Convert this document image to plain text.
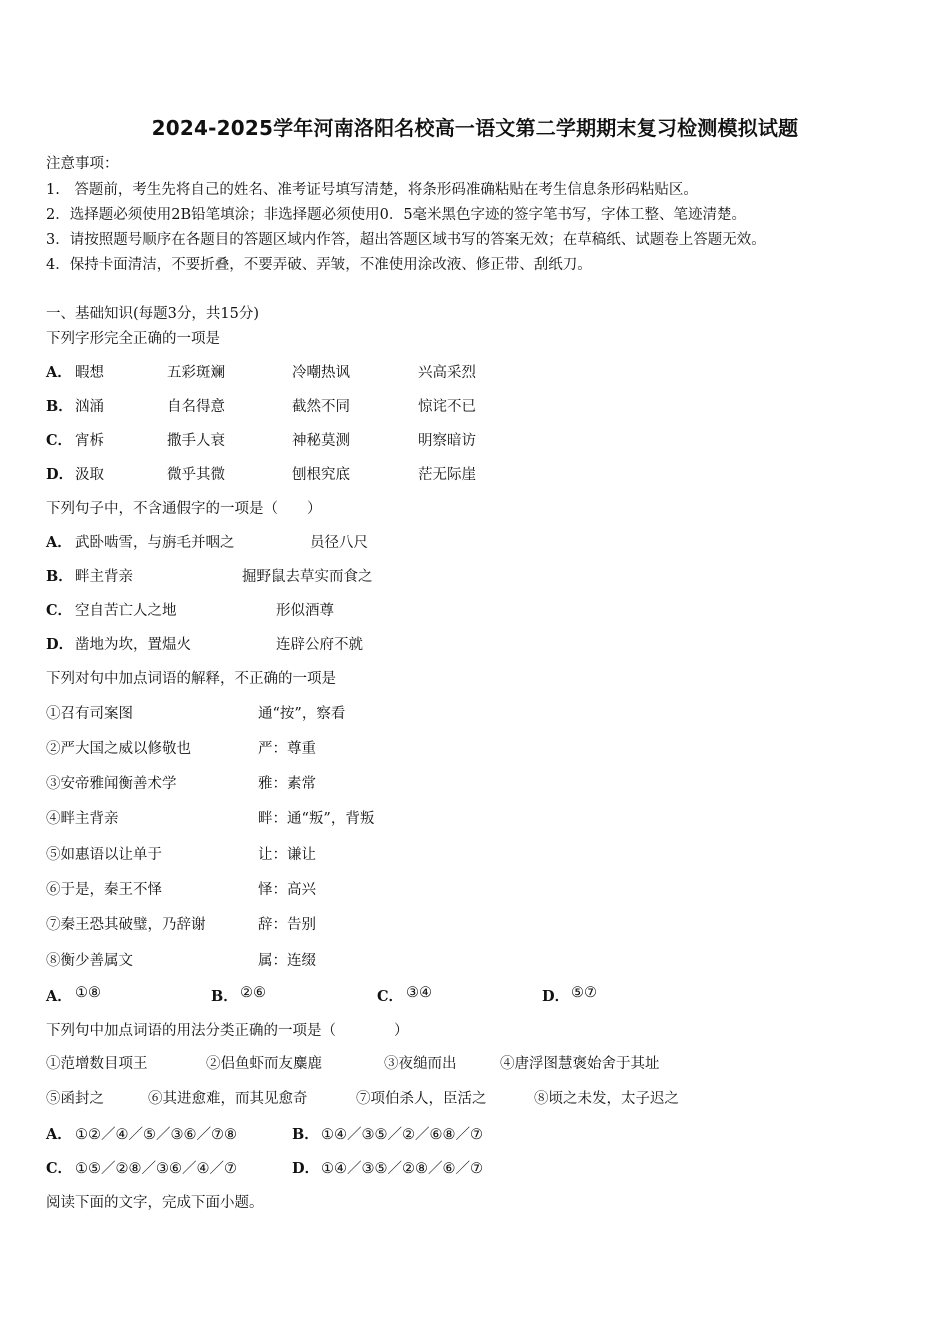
2024-2025学年河南洛阳名校高一语文第二学期期末复习检测模拟试题
注意事项：
1.　答题前，考生先将自己的姓名、准考证号填写清楚，将条形码准确粘贴在考生信息条形码粘贴区。
2．选择题必须使用2B铅笔填涂；非选择题必须使用0．5毫米黑色字迹的签字笔书写，字体工整、笔迹清楚。
3．请按照题号顺序在各题目的答题区域内作答，超出答题区域书写的答案无效；在草稿纸、试题卷上答题无效。
4．保持卡面清洁，不要折叠，不要弄破、弄皱，不准使用涂改液、修正带、刮纸刀。
一、基础知识(每题3分，共15分)
下列字形完全正确的一项是
A． 暇想	五彩斑斓	冷嘲热讽	兴高采烈
B． 汹涌	自名得意	截然不同	惊诧不已
C． 宵柝	撒手人衰	神秘莫测	明察暗访
D． 汲取	微乎其微	刨根究底	茫无际崖
下列句子中，不含通假字的一项是（　　）
A． 武卧啮雪，与旃毛并咽之	员径八尺
B． 畔主背亲	掘野鼠去草实而食之
C． 空自苦亡人之地	形似酒尊
D． 凿地为坎，置煴火	连辟公府不就
下列对句中加点词语的解释，不正确的一项是
①召有司案图	通“按”，察看
②严大国之威以修敬也	严：尊重
③安帝雅闻衡善术学	雅：素常
④畔主背亲	畔：通“叛”，背叛
⑤如惠语以让单于	让：谦让
⑥于是，秦王不怿	怿：高兴
⑦秦王恐其破璧，乃辞谢	辞：告别
⑧衡少善属文	属：连缀
A． ①⑧	B． ②⑥	C． ③④	D． ⑤⑦
下列句中加点词语的用法分类正确的一项是（　　　　）
①范增数目项王	②侣鱼虾而友麋鹿	③夜缒而出	④唐浮图慧褒始舍于其址
⑤函封之	⑥其进愈难，而其见愈奇	⑦项伯杀人，臣活之	⑧顷之未发，太子迟之
A． ①②／④／⑤／③⑥／⑦⑧	B． ①④／③⑤／②／⑥⑧／⑦
C． ①⑤／②⑧／③⑥／④／⑦	D． ①④／③⑤／②⑧／⑥／⑦
阅读下面的文字，完成下面小题。
